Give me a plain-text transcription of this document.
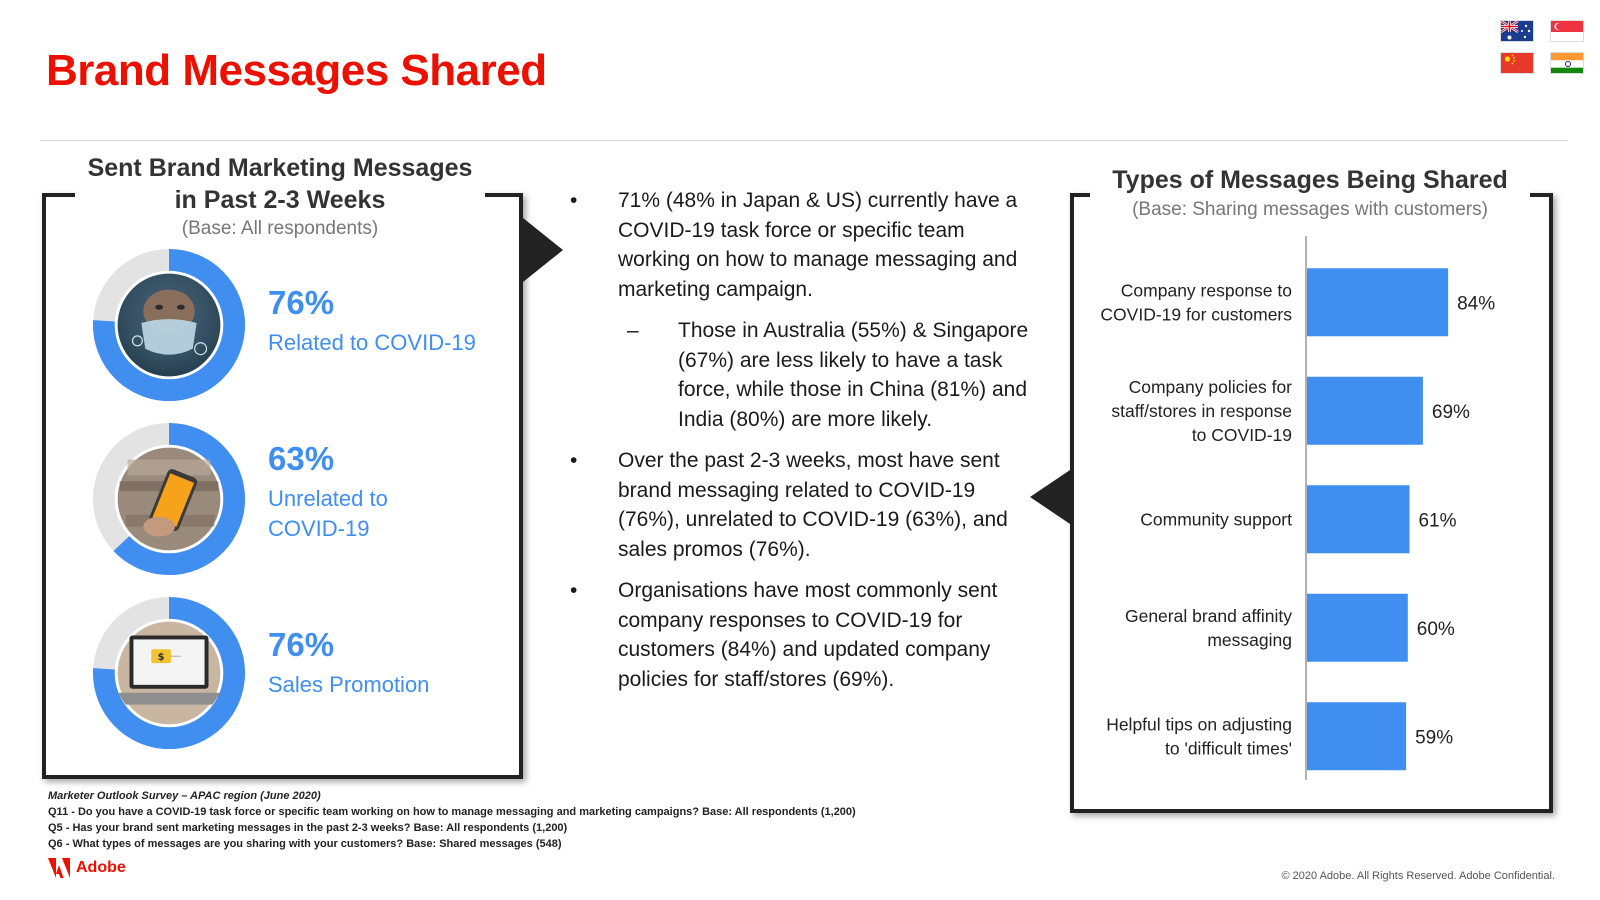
Brand Messages Shared
Sent Brand Marketing Messages in Past 2-3 Weeks
(Base: All respondents)
76%
Related to COVID-19
63%
Unrelated to COVID-19
$	76%
Sales Promotion
• 71% (48% in Japan & US) currently have a COVID-19 task force or specific team working on how to manage messaging and marketing campaign.
– Those in Australia (55%) & Singapore (67%) are less likely to have a task force, while those in China (81%) and India (80%) are more likely.
• Over the past 2-3 weeks, most have sent brand messaging related to COVID-19 (76%), unrelated to COVID-19 (63%), and sales promos (76%).
• Organisations have most commonly sent company responses to COVID-19 for customers (84%) and updated company policies for staff/stores (69%).
Types of Messages Being Shared
(Base: Sharing messages with customers)
84%
Company response to COVID-19 for customers
69%
Company policies for staff/stores in response to COVID-19
61%
Community support
60%
General brand affinity messaging
59%
Helpful tips on adjusting to 'difficult times'
Marketer Outlook Survey – APAC region (June 2020)
Q11 - Do you have a COVID-19 task force or specific team working on how to manage messaging and marketing campaigns? Base: All respondents (1,200)
Q5 - Has your brand sent marketing messages in the past 2-3 weeks? Base: All respondents (1,200)
Q6 - What types of messages are you sharing with your customers? Base: Shared messages (548)
Adobe	© 2020 Adobe. All Rights Reserved. Adobe Confidential.
